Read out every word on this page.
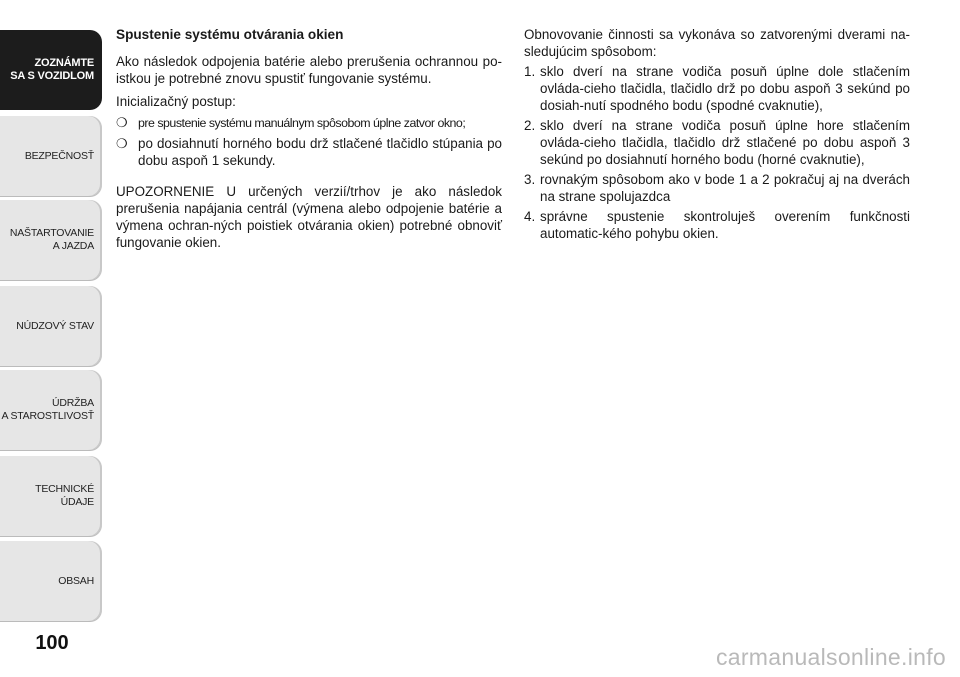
ZOZNÁMTE
SA S VOZIDLOM
BEZPEČNOSŤ
NAŠTARTOVANIE
A JAZDA
NÚDZOVÝ STAV
ÚDRŽBA
A STAROSTLIVOSŤ
TECHNICKÉ
ÚDAJE
OBSAH
100

Spustenie systému otvárania okien

Ako následok odpojenia batérie alebo prerušenia ochrannou po-istkou je potrebné znovu spustiť fungovanie systému.

Inicializačný postup:

❍ pre spustenie systému manuálnym spôsobom úplne zatvor okno;
❍ po dosiahnutí horného bodu drž stlačené tlačidlo stúpania po dobu aspoň 1 sekundy.

UPOZORNENIE U určených verzií/trhov je ako následok prerušenia napájania centrál (výmena alebo odpojenie batérie a výmena ochran-ných poistiek otvárania okien) potrebné obnoviť fungovanie okien.

Obnovovanie činnosti sa vykonáva so zatvorenými dverami na-sledujúcim spôsobom:

1. sklo dverí na strane vodiča posuň úplne dole stlačením ovláda-cieho tlačidla, tlačidlo drž po dobu aspoň 3 sekúnd po dosiah-nutí spodného bodu (spodné cvaknutie),
2. sklo dverí na strane vodiča posuň úplne hore stlačením ovláda-cieho tlačidla, tlačidlo drž stlačené po dobu aspoň 3 sekúnd po dosiahnutí horného bodu (horné cvaknutie),
3. rovnakým spôsobom ako v bode 1 a 2 pokračuj aj na dverách na strane spolujazdca
4. správne spustenie skontroluješ overením funkčnosti automatic-kého pohybu okien.
carmanualsonline.info
